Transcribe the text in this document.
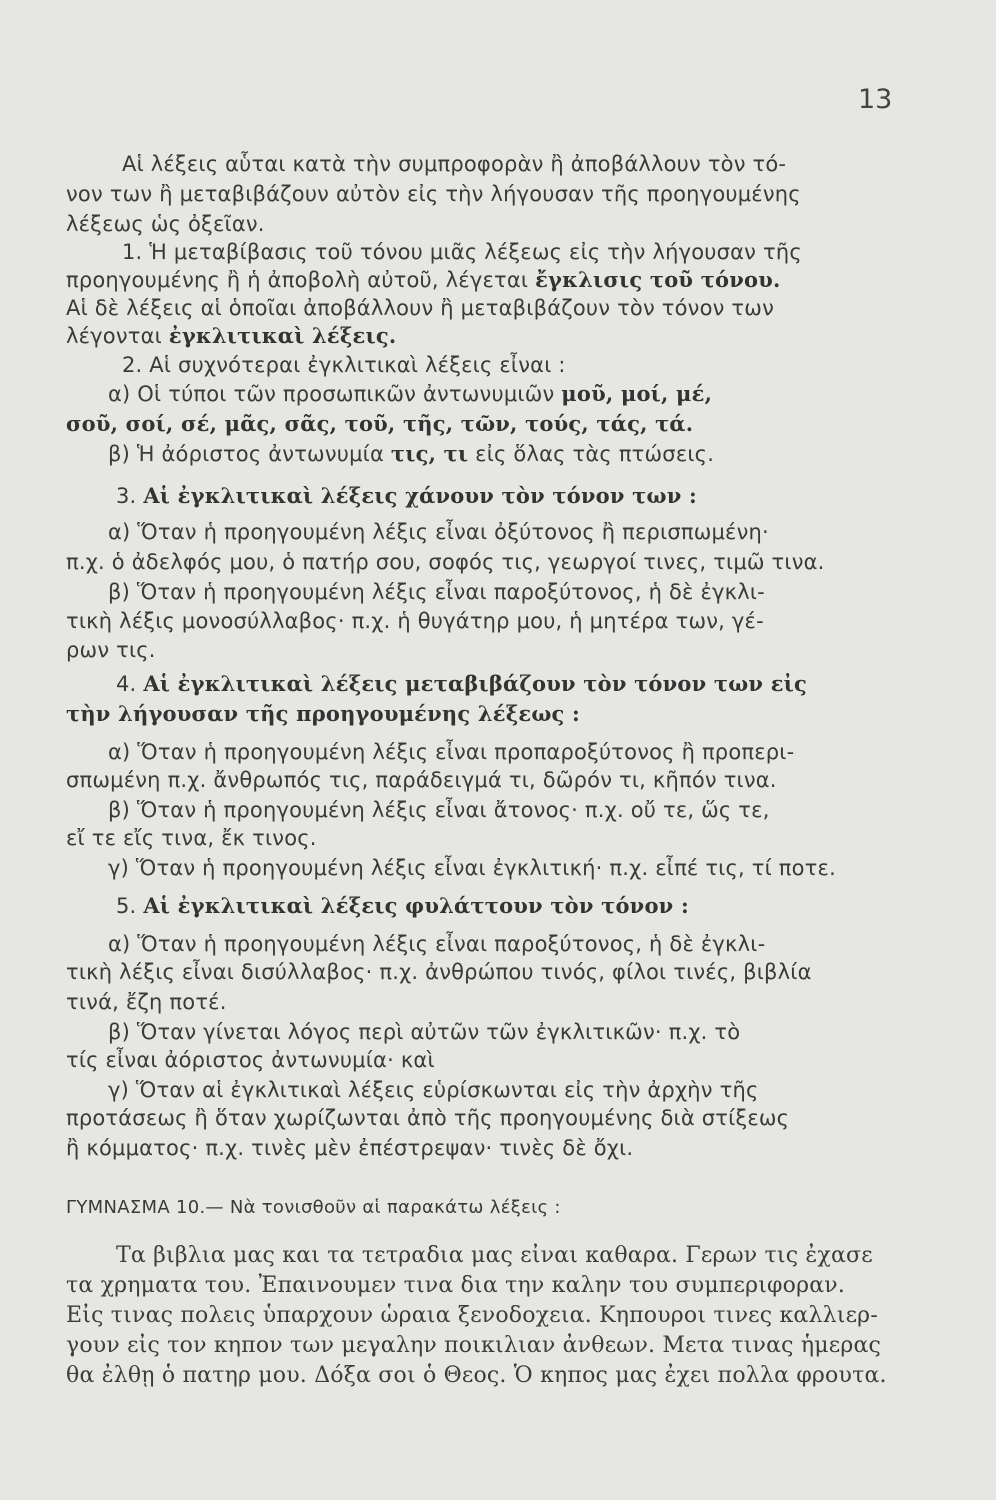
13
Αἱ λέξεις αὗται κατὰ τὴν συμπροφορὰν ἢ ἀποβάλλουν τὸν τό-
νον των ἢ μεταβιβάζουν αὐτὸν εἰς τὴν λήγουσαν τῆς προηγουμένης
λέξεως ὡς ὀξεῖαν.
1. Ἡ μεταβίβασις τοῦ τόνου μιᾶς λέξεως εἰς τὴν λήγουσαν τῆς
προηγουμένης ἢ ἡ ἀποβολὴ αὐτοῦ, λέγεται ἔγκλισις τοῦ τόνου.
Αἱ δὲ λέξεις αἱ ὁποῖαι ἀποβάλλουν ἢ μεταβιβάζουν τὸν τόνον των
λέγονται ἐγκλιτικαὶ λέξεις.
2. Αἱ συχνότεραι ἐγκλιτικαὶ λέξεις εἶναι :
α) Οἱ τύποι τῶν προσωπικῶν ἀντωνυμιῶν μοῦ, μοί, μέ,
σοῦ, σοί, σέ, μᾶς, σᾶς, τοῦ, τῆς, τῶν, τούς, τάς, τά.
β) Ἡ ἀόριστος ἀντωνυμία τις, τι εἰς ὅλας τὰς πτώσεις.
3. Αἱ ἐγκλιτικαὶ λέξεις χάνουν τὸν τόνον των :
α) Ὅταν ἡ προηγουμένη λέξις εἶναι ὀξύτονος ἢ περισπωμένη·
π.χ. ὁ ἀδελφός μου, ὁ πατήρ σου, σοφός τις, γεωργοί τινες, τιμῶ τινα.
β) Ὅταν ἡ προηγουμένη λέξις εἶναι παροξύτονος, ἡ δὲ ἐγκλι-
τικὴ λέξις μονοσύλλαβος· π.χ. ἡ θυγάτηρ μου, ἡ μητέρα των, γέ-
ρων τις.
4. Αἱ ἐγκλιτικαὶ λέξεις μεταβιβάζουν τὸν τόνον των εἰς
τὴν λήγουσαν τῆς προηγουμένης λέξεως :
α) Ὅταν ἡ προηγουμένη λέξις εἶναι προπαροξύτονος ἢ προπερι-
σπωμένη π.χ. ἄνθρωπός τις, παράδειγμά τι, δῶρόν τι, κῆπόν τινα.
β) Ὅταν ἡ προηγουμένη λέξις εἶναι ἄτονος· π.χ. οὔ τε, ὥς τε,
εἴ τε εἴς τινα, ἔκ τινος.
γ) Ὅταν ἡ προηγουμένη λέξις εἶναι ἐγκλιτική· π.χ. εἶπέ τις, τί ποτε.
5. Αἱ ἐγκλιτικαὶ λέξεις φυλάττουν τὸν τόνον :
α) Ὅταν ἡ προηγουμένη λέξις εἶναι παροξύτονος, ἡ δὲ ἐγκλι-
τικὴ λέξις εἶναι δισύλλαβος· π.χ. ἀνθρώπου τινός, φίλοι τινές, βιβλία
τινά, ἔζη ποτέ.
β) Ὅταν γίνεται λόγος περὶ αὐτῶν τῶν ἐγκλιτικῶν· π.χ. τὸ
τίς εἶναι ἀόριστος ἀντωνυμία· καὶ
γ) Ὅταν αἱ ἐγκλιτικαὶ λέξεις εὑρίσκωνται εἰς τὴν ἀρχὴν τῆς
προτάσεως ἢ ὅταν χωρίζωνται ἀπὸ τῆς προηγουμένης διὰ στίξεως
ἢ κόμματος· π.χ. τινὲς μὲν ἐπέστρεψαν· τινὲς δὲ ὄχι.
ΓΥΜΝΑΣΜΑ 10.— Νὰ τονισθοῦν αἱ παρακάτω λέξεις :
Τα βιβλια μας και τα τετραδια μας εἰναι καθαρα. Γερων τις ἐχασε
τα χρηματα του. Ἐπαινουμεν τινα δια την καλην του συμπεριφοραν.
Εἰς τινας πολεις ὑπαρχουν ὡραια ξενοδοχεια. Κηπουροι τινες καλλιερ-
γουν εἰς τον κηπον των μεγαλην ποικιλιαν ἀνθεων. Μετα τινας ἡμερας
θα ἐλθῃ ὁ πατηρ μου. Δόξα σοι ὁ Θεος. Ὁ κηπος μας ἐχει πολλα φρουτα.
